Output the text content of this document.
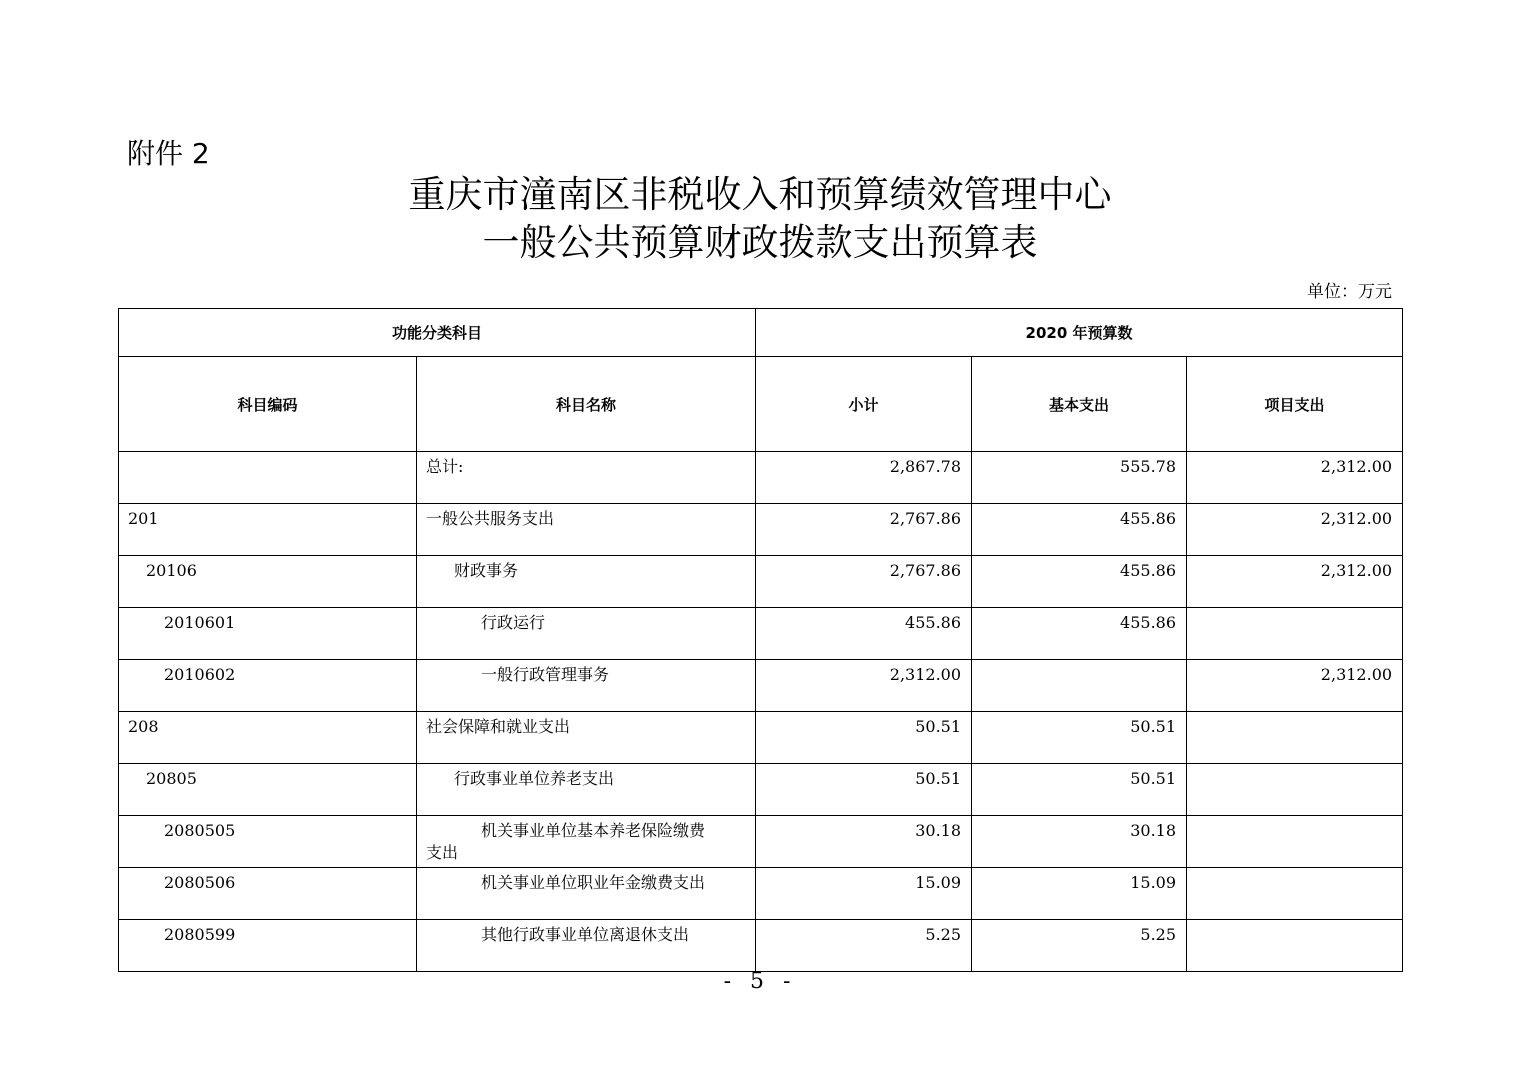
附件 2
重庆市潼南区非税收入和预算绩效管理中心
一般公共预算财政拨款支出预算表
单位：万元
功能分类科目		2020 年预算数		
科目编码	科目名称	小计	基本支出	项目支出
	总计:	2,867.78	555.78	2,312.00
201	一般公共服务支出	2,767.86	455.86	2,312.00
20106	财政事务	2,767.86	455.86	2,312.00
2010601	行政运行	455.86	455.86	
2010602	一般行政管理事务	2,312.00		2,312.00
208	社会保障和就业支出	50.51	50.51	
20805	行政事业单位养老支出	50.51	50.51	
2080505	机关事业单位基本养老保险缴费
支出	30.18	30.18	
2080506	机关事业单位职业年金缴费支出	15.09	15.09	
2080599	其他行政事业单位离退休支出	5.25	5.25	
- 5 -
